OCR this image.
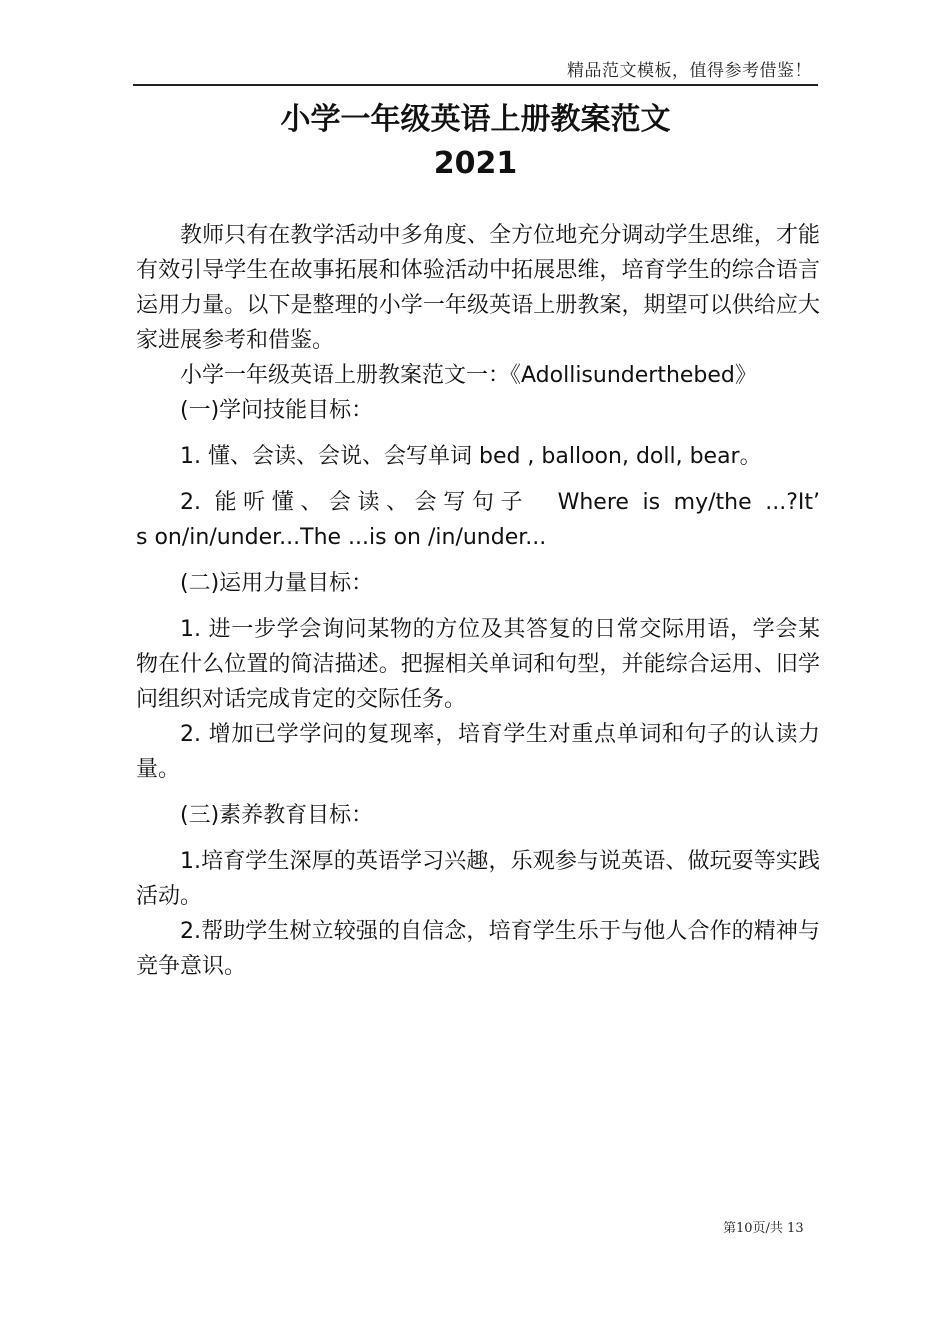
精品范文模板，值得参考借鉴！
小学一年级英语上册教案范文
2021

教师只有在教学活动中多角度、全方位地充分调动学生思维，才能有效引导学生在故事拓展和体验活动中拓展思维，培育学生的综合语言运用力量。以下是整理的小学一年级英语上册教案，期望可以供给应大家进展参考和借鉴。

小学一年级英语上册教案范文一：《Adollisunderthebed》

(一)学问技能目标：

1. 懂、会读、会说、会写单词 bed , balloon, doll, bear。

2. 能听懂、会读、会写句子　Where is my/the ...?It’
s on/in/under...The ...is on /in/under...

(二)运用力量目标：

1. 进一步学会询问某物的方位及其答复的日常交际用语，学会某物在什么位置的简洁描述。把握相关单词和句型，并能综合运用、旧学问组织对话完成肯定的交际任务。

2. 增加已学学问的复现率，培育学生对重点单词和句子的认读力量。

(三)素养教育目标：

1.培育学生深厚的英语学习兴趣，乐观参与说英语、做玩耍等实践活动。

2.帮助学生树立较强的自信念，培育学生乐于与他人合作的精神与竞争意识。

第10页/共 13
